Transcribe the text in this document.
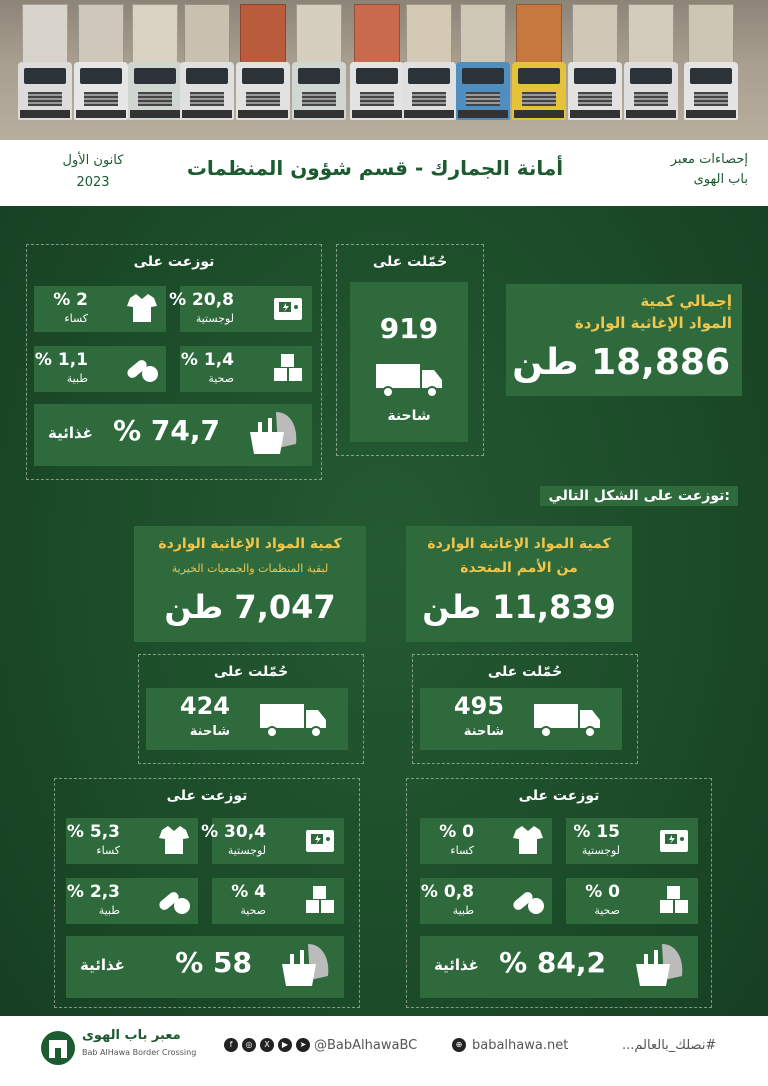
كانون الأول
2023
أمانة الجمارك - قسم شؤون المنظمات	إحصاءات معبر
باب الهوى
إجمالي كمية
المواد الإغاثية الواردة
18,886 طن
حُمّلت على
919
شاحنة
توزعت على
% 20,8
لوجستية
% 2
كساء
% 1,4
صحية
% 1,1
طبية
غذائية % 74,7
توزعت على الشكل التالي:
كمية المواد الإغاثية الواردة
من الأمم المتحدة
11,839 طن
كمية المواد الإغاثية الواردة
لبقية المنظمات والجمعيات الخيرية
7,047 طن
حُمّلت على
495
شاحنة
حُمّلت على
424
شاحنة
توزعت على
% 15
لوجستية
% 0
كساء
% 0
صحية
% 0,8
طبية
غذائية % 84,2
توزعت على
% 30,4
لوجستية
% 5,3
كساء
% 4
صحية
% 2,3
طبية
غذائية	% 58
معبر باب الهوى
Bab AlHawa Border Crossing
f	◎	X	▶	➤ @BabAlhawaBC	⊕ babalhawa.net	#نصلك_بالعالم...
